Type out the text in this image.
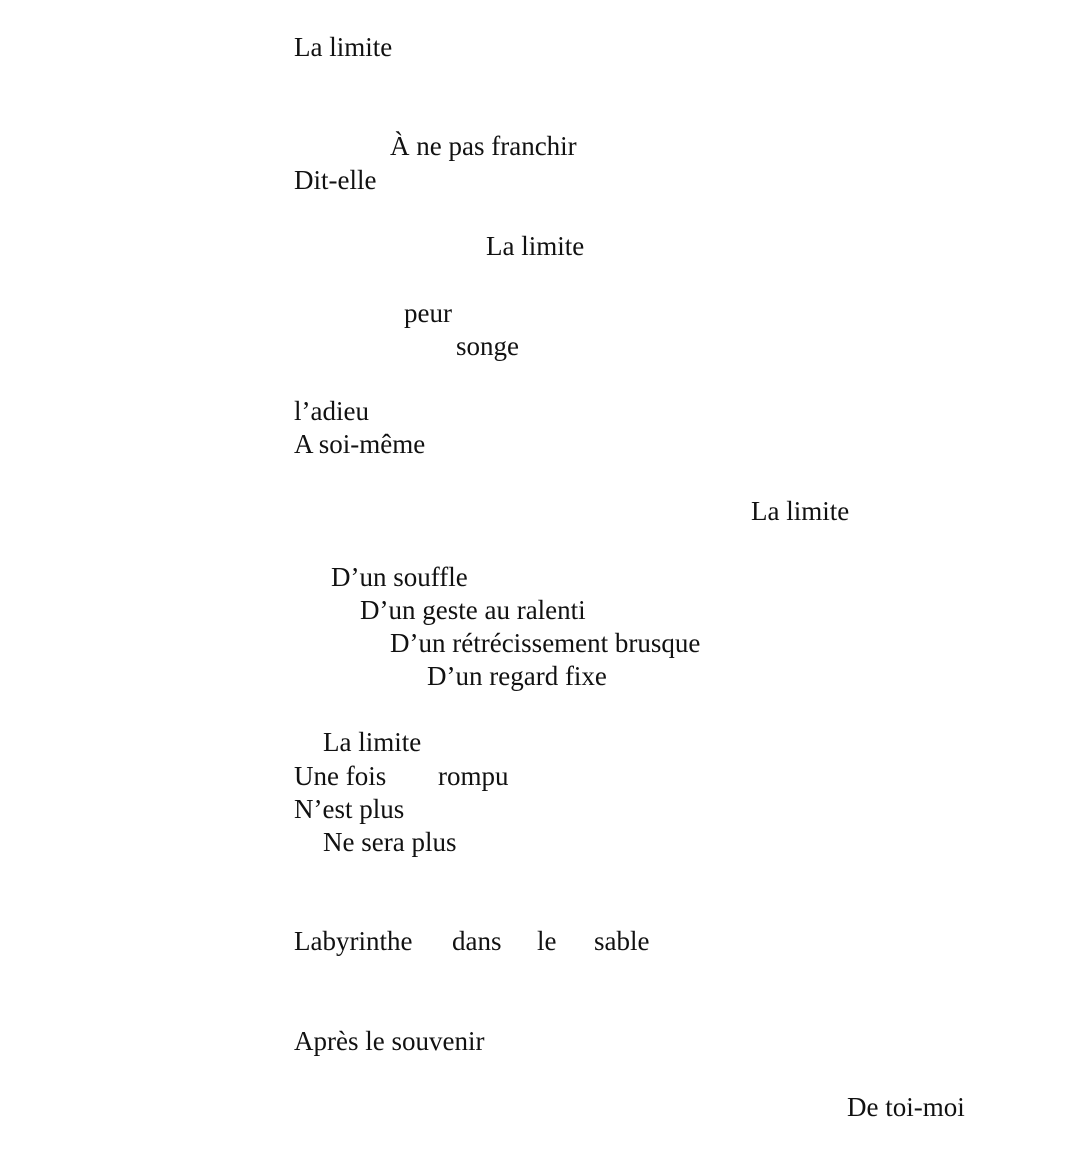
La limite

À ne pas franchir

Dit-elle

La limite

peur

songe

l’adieu

A soi-même

La limite

D’un souffle

D’un geste au ralenti

D’un rétrécissement brusque

D’un regard fixe

La limite

Une fois

rompu

N’est plus

Ne sera plus

Labyrinthe

dans

le

sable

Après le souvenir

De toi-moi
